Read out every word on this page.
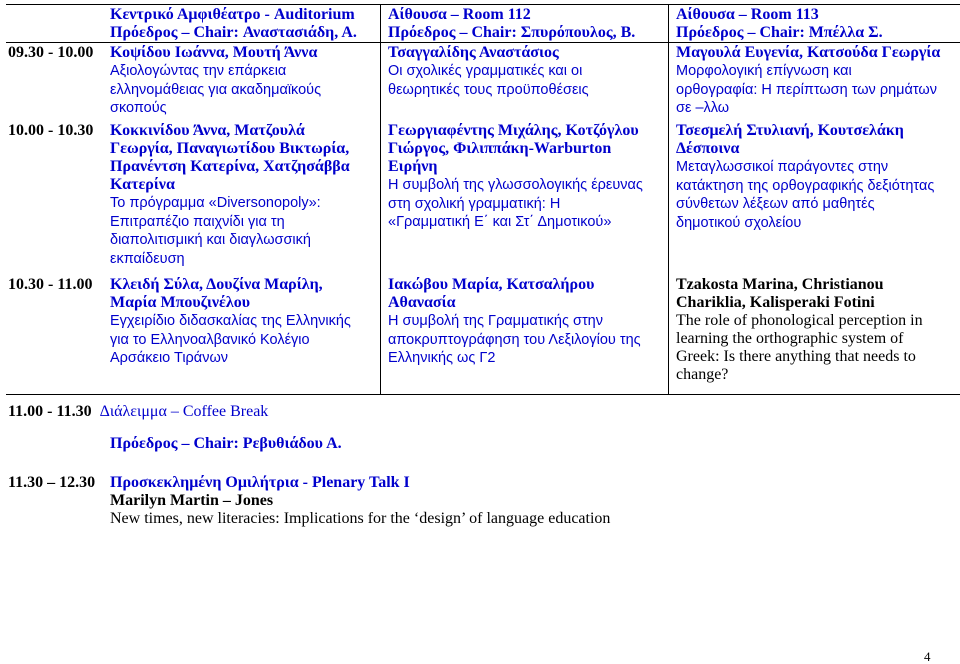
Κεντρικό Αμφιθέατρο - Auditorium
Πρόεδρος – Chair: Αναστασιάδη, Α.
Αίθουσα – Room 112
Πρόεδρος – Chair: Σπυρόπουλος, Β.
Αίθουσα – Room 113
Πρόεδρος – Chair: Μπέλλα Σ.
09.30 - 10.00 Κοψίδου Ιωάννα, Μουτή Άννα
Αξιολογώντας την επάρκεια
ελληνομάθειας για ακαδημαϊκούς
σκοπούς
Τσαγγαλίδης Αναστάσιος
Οι σχολικές γραμματικές και οι
θεωρητικές τους προϋποθέσεις
Μαγουλά Ευγενία, Κατσούδα Γεωργία
Μορφολογική επίγνωση και
ορθογραφία: Η περίπτωση των ρημάτων
σε –λλω
10.00 - 10.30 Κοκκινίδου Άννα, Ματζουλά
Γεωργία, Παναγιωτίδου Βικτωρία,
Πρανέντση Κατερίνα, Χατζησάββα
Κατερίνα
Το πρόγραμμα «Diversonopoly»:
Επιτραπέζιο παιχνίδι για τη
διαπολιτισμική και διαγλωσσική
εκπαίδευση
Γεωργιαφέντης Μιχάλης, Κοτζόγλου
Γιώργος, Φιλιππάκη-Warburton
Ειρήνη
Η συμβολή της γλωσσολογικής έρευνας
στη σχολική γραμματική: Η
«Γραμματική Ε΄ και Στ΄ Δημοτικού»
Τσεσμελή Στυλιανή, Κουτσελάκη
Δέσποινα
Μεταγλωσσικοί παράγοντες στην
κατάκτηση της ορθογραφικής δεξιότητας
σύνθετων λέξεων από μαθητές
δημοτικού σχολείου
10.30 - 11.00 Κλειδή Σύλα, Δουζίνα Μαρίλη,
Μαρία Μπουζινέλου
Εγχειρίδιο διδασκαλίας της Ελληνικής
για το Ελληνοαλβανικό Κολέγιο
Αρσάκειο Τιράνων
Ιακώβου Μαρία, Κατσαλήρου
Αθανασία
Η συμβολή της Γραμματικής στην
αποκρυπτογράφηση του Λεξιλογίου της
Ελληνικής ως Γ2
Tzakosta Marina, Christianou
Chariklia, Kalisperaki Fotini
The role of phonological perception in
learning the orthographic system of
Greek: Is there anything that needs to
change?
11.00 - 11.30 Διάλειμμα – Coffee Break
Πρόεδρος – Chair: Ρεβυθιάδου Α.
11.30 – 12.30 Προσκεκλημένη Ομιλήτρια - Plenary Talk I
Marilyn Martin – Jones
New times, new literacies: Implications for the ‘design’ of language education
4
